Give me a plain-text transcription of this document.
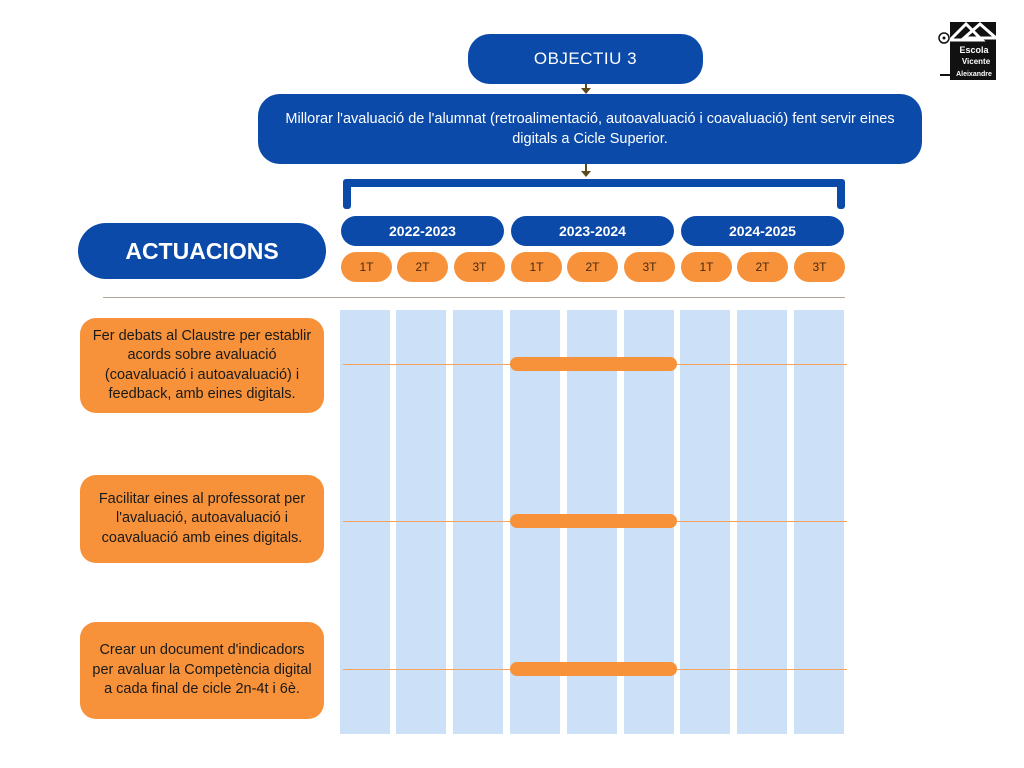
Escola
Vicente
Aleixandre
OBJECTIU 3
Millorar l'avaluació de l'alumnat (retroalimentació, autoavaluació i coavaluació) fent servir eines digitals a Cicle Superior.
ACTUACIONS
2022-2023	2023-2024	2024-2025
1T	2T	3T	1T	2T	3T	1T	2T	3T
Fer debats al Claustre per establir acords sobre avaluació (coavaluació i autoavaluació) i feedback, amb eines digitals.
Facilitar eines al professorat per l'avaluació, autoavaluació i coavaluació amb eines digitals.
Crear un document d'indicadors per avaluar la Competència digital a cada final de cicle 2n-4t i 6è.
